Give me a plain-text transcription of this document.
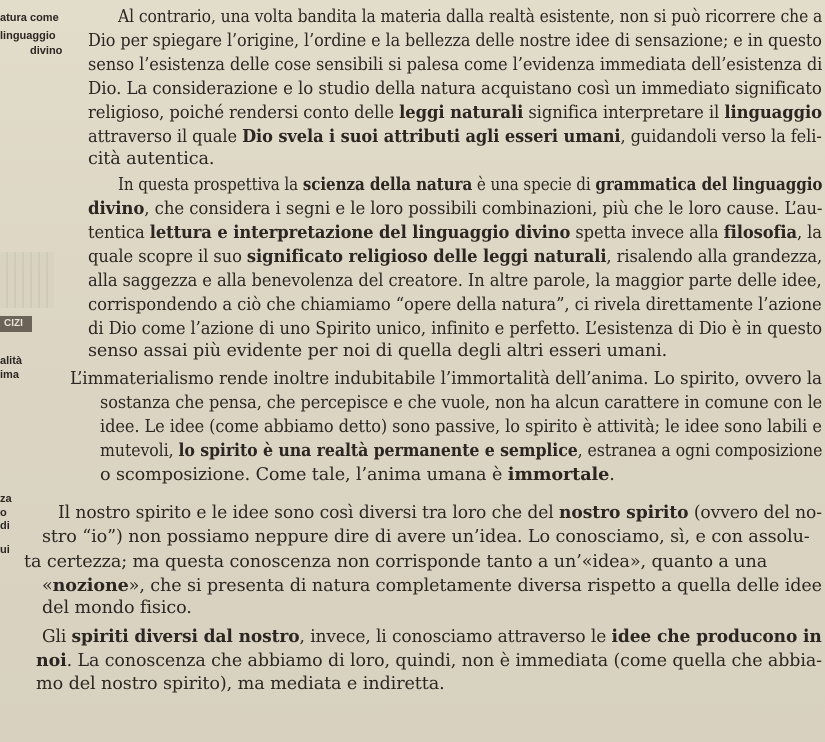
CIZI
atura come
linguaggio
divino
alità
ima
za
o
di
ui
Al contrario, una volta bandita la materia dalla realtà esistente, non si può ricorrere che a
Dio per spiegare l’origine, l’ordine e la bellezza delle nostre idee di sensazione; e in questo
senso l’esistenza delle cose sensibili si palesa come l’evidenza immediata dell’esistenza di
Dio. La considerazione e lo studio della natura acquistano così un immediato significato
religioso, poiché rendersi conto delle leggi naturali significa interpretare il linguaggio
attraverso il quale Dio svela i suoi attributi agli esseri umani, guidandoli verso la feli-
cità autentica.
In questa prospettiva la scienza della natura è una specie di grammatica del linguaggio
divino, che considera i segni e le loro possibili combinazioni, più che le loro cause. L’au-
tentica lettura e interpretazione del linguaggio divino spetta invece alla filosofia, la
quale scopre il suo significato religioso delle leggi naturali, risalendo alla grandezza,
alla saggezza e alla benevolenza del creatore. In altre parole, la maggior parte delle idee,
corrispondendo a ciò che chiamiamo “opere della natura”, ci rivela direttamente l’azione
di Dio come l’azione di uno Spirito unico, infinito e perfetto. L’esistenza di Dio è in questo
senso assai più evidente per noi di quella degli altri esseri umani.
L’immaterialismo rende inoltre indubitabile l’immortalità dell’anima. Lo spirito, ovvero la
sostanza che pensa, che percepisce e che vuole, non ha alcun carattere in comune con le
idee. Le idee (come abbiamo detto) sono passive, lo spirito è attività; le idee sono labili e
mutevoli, lo spirito è una realtà permanente e semplice, estranea a ogni composizione
o scomposizione. Come tale, l’anima umana è immortale.
Il nostro spirito e le idee sono così diversi tra loro che del nostro spirito (ovvero del no-
stro “io”) non possiamo neppure dire di avere un’idea. Lo conosciamo, sì, e con assolu-
ta certezza; ma questa conoscenza non corrisponde tanto a un’«idea», quanto a una
«nozione», che si presenta di natura completamente diversa rispetto a quella delle idee
del mondo fisico.
Gli spiriti diversi dal nostro, invece, li conosciamo attraverso le idee che producono in
noi. La conoscenza che abbiamo di loro, quindi, non è immediata (come quella che abbia-
mo del nostro spirito), ma mediata e indiretta.
